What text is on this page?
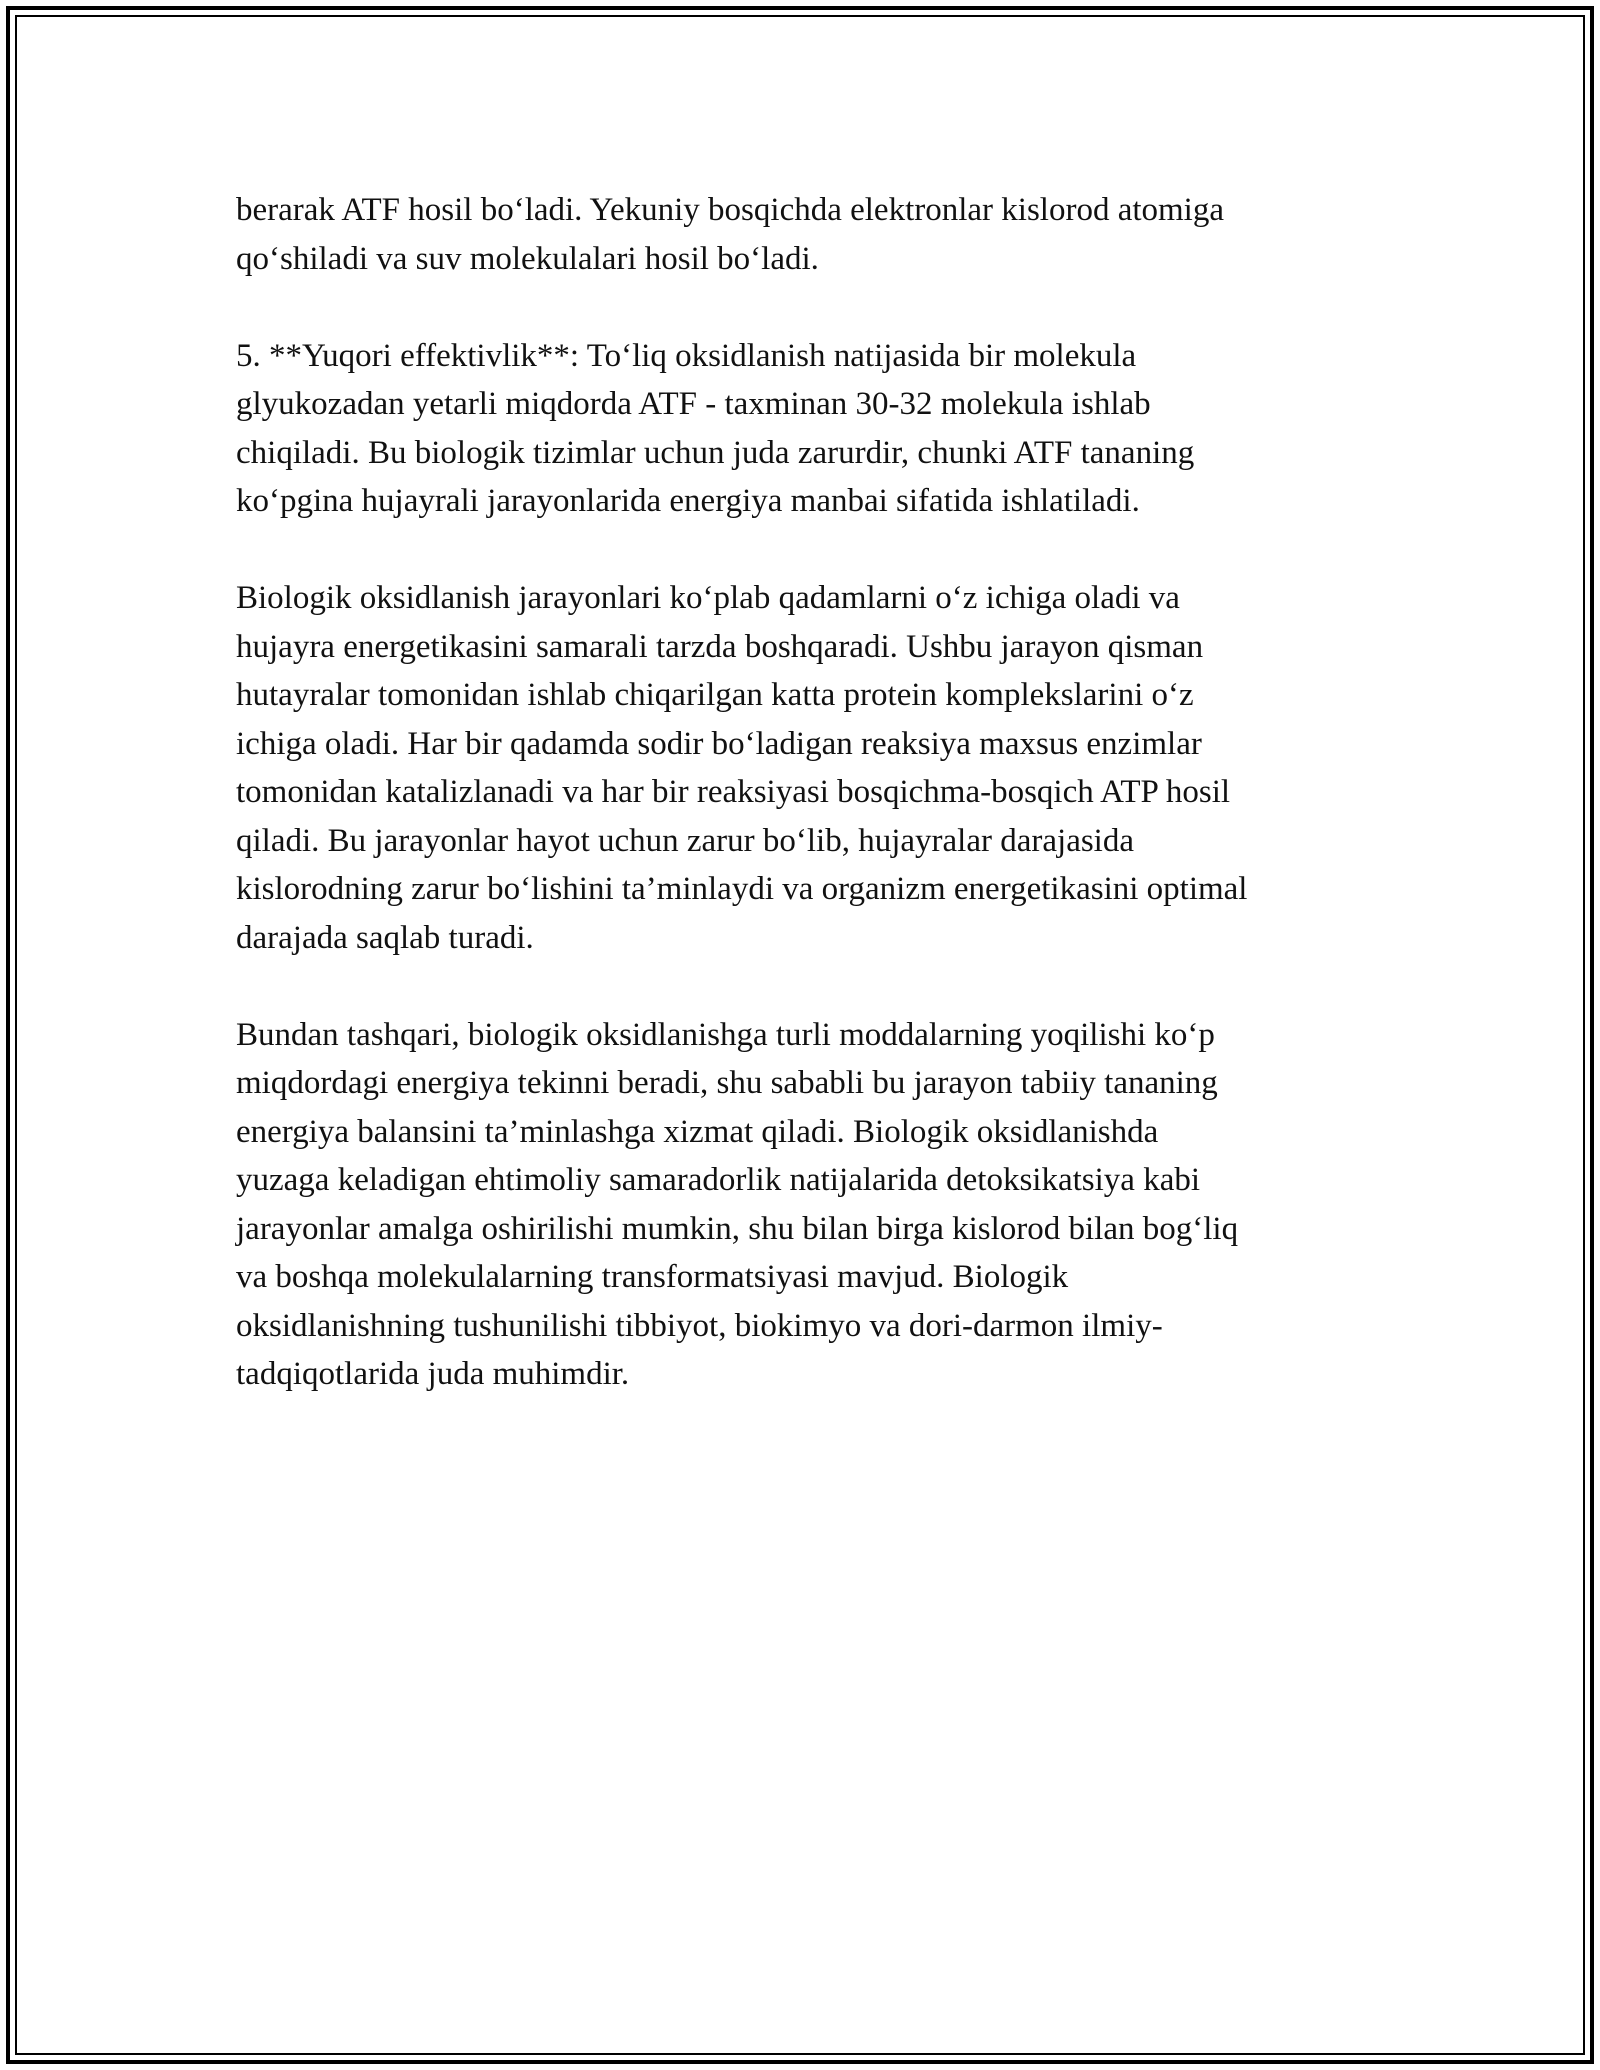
berarak ATF hosil bo‘ladi. Yekuniy bosqichda elektronlar kislorod atomiga
qo‘shiladi va suv molekulalari hosil bo‘ladi.

5. **Yuqori effektivlik**: To‘liq oksidlanish natijasida bir molekula
glyukozadan yetarli miqdorda ATF - taxminan 30-32 molekula ishlab
chiqiladi. Bu biologik tizimlar uchun juda zarurdir, chunki ATF tananing
ko‘pgina hujayrali jarayonlarida energiya manbai sifatida ishlatiladi.

Biologik oksidlanish jarayonlari ko‘plab qadamlarni o‘z ichiga oladi va
hujayra energetikasini samarali tarzda boshqaradi. Ushbu jarayon qisman
hutayralar tomonidan ishlab chiqarilgan katta protein komplekslarini o‘z
ichiga oladi. Har bir qadamda sodir bo‘ladigan reaksiya maxsus enzimlar
tomonidan katalizlanadi va har bir reaksiyasi bosqichma-bosqich ATP hosil
qiladi. Bu jarayonlar hayot uchun zarur bo‘lib, hujayralar darajasida
kislorodning zarur bo‘lishini ta’minlaydi va organizm energetikasini optimal
darajada saqlab turadi.

Bundan tashqari, biologik oksidlanishga turli moddalarning yoqilishi ko‘p
miqdordagi energiya tekinni beradi, shu sababli bu jarayon tabiiy tananing
energiya balansini ta’minlashga xizmat qiladi. Biologik oksidlanishda
yuzaga keladigan ehtimoliy samaradorlik natijalarida detoksikatsiya kabi
jarayonlar amalga oshirilishi mumkin, shu bilan birga kislorod bilan bog‘liq
va boshqa molekulalarning transformatsiyasi mavjud. Biologik
oksidlanishning tushunilishi tibbiyot, biokimyo va dori-darmon ilmiy-
tadqiqotlarida juda muhimdir.
